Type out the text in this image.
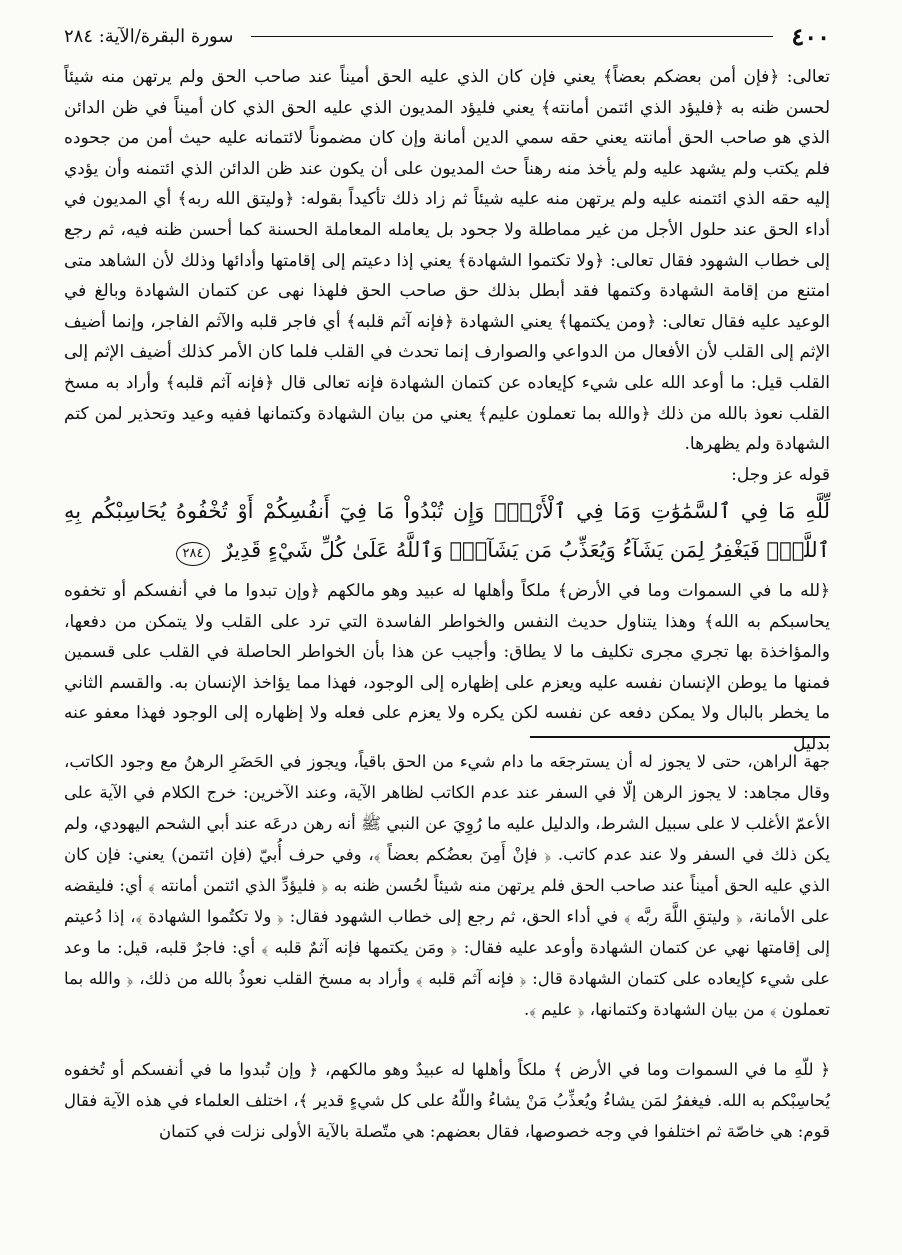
٤٠٠
سورة البقرة/الآية: ٢٨٤

تعالى: ﴿فإن أمن بعضكم بعضاً﴾ يعني فإن كان الذي عليه الحق أميناً عند صاحب الحق ولم يرتهن منه شيئاً لحسن ظنه به ﴿فليؤد الذي ائتمن أمانته﴾ يعني فليؤد المديون الذي عليه الحق الذي كان أميناً في ظن الدائن الذي هو صاحب الحق أمانته يعني حقه سمي الدين أمانة وإن كان مضموناً لائتمانه عليه حيث أمن من جحوده فلم يكتب ولم يشهد عليه ولم يأخذ منه رهناً حث المديون على أن يكون عند ظن الدائن الذي ائتمنه وأن يؤدي إليه حقه الذي ائتمنه عليه ولم يرتهن منه عليه شيئاً ثم زاد ذلك تأكيداً بقوله: ﴿وليتق الله ربه﴾ أي المديون في أداء الحق عند حلول الأجل من غير مماطلة ولا جحود بل يعامله المعاملة الحسنة كما أحسن ظنه فيه، ثم رجع إلى خطاب الشهود فقال تعالى: ﴿ولا تكتموا الشهادة﴾ يعني إذا دعيتم إلى إقامتها وأدائها وذلك لأن الشاهد متى امتنع من إقامة الشهادة وكتمها فقد أبطل بذلك حق صاحب الحق فلهذا نهى عن كتمان الشهادة وبالغ في الوعيد عليه فقال تعالى: ﴿ومن يكتمها﴾ يعني الشهادة ﴿فإنه آثم قلبه﴾ أي فاجر قلبه والآثم الفاجر، وإنما أضيف الإثم إلى القلب لأن الأفعال من الدواعي والصوارف إنما تحدث في القلب فلما كان الأمر كذلك أضيف الإثم إلى القلب قيل: ما أوعد الله على شيء كإيعاده عن كتمان الشهادة فإنه تعالى قال ﴿فإنه آثم قلبه﴾ وأراد به مسخ القلب نعوذ بالله من ذلك ﴿والله بما تعملون عليم﴾ يعني من بيان الشهادة وكتمانها ففيه وعيد وتحذير لمن كتم الشهادة ولم يظهرها.

قوله عز وجل:
لِّلَّهِ مَا فِي ٱلسَّمَٰوَٰتِ وَمَا فِي ٱلْأَرْضِۗ وَإِن تُبْدُواْ مَا فِيٓ أَنفُسِكُمْ أَوْ تُخْفُوهُ يُحَاسِبْكُم بِهِ ٱللَّهُۖ فَيَغْفِرُ لِمَن يَشَآءُ وَيُعَذِّبُ مَن يَشَآءُۗ وَٱللَّهُ عَلَىٰ كُلِّ شَيْءٍ قَدِيرٌ ٢٨٤
﴿لله ما في السموات وما في الأرض﴾ ملكاً وأهلها له عبيد وهو مالكهم ﴿وإن تبدوا ما في أنفسكم أو تخفوه يحاسبكم به الله﴾ وهذا يتناول حديث النفس والخواطر الفاسدة التي ترد على القلب ولا يتمكن من دفعها، والمؤاخذة بها تجري مجرى تكليف ما لا يطاق: وأجيب عن هذا بأن الخواطر الحاصلة في القلب على قسمين فمنها ما يوطن الإنسان نفسه عليه ويعزم على إظهاره إلى الوجود، فهذا مما يؤاخذ الإنسان به. والقسم الثاني ما يخطر بالبال ولا يمكن دفعه عن نفسه لكن يكره ولا يعزم على فعله ولا إظهاره إلى الوجود فهذا معفو عنه بدليل
جهة الراهن، حتى لا يجوز له أن يسترجعَه ما دام شيء من الحق باقياً، ويجوز في الحَضَرِ الرهنُ مع وجود الكاتب، وقال مجاهد: لا يجوز الرهن إلّا في السفر عند عدم الكاتب لظاهر الآية، وعند الآخرين: خرج الكلام في الآية على الأعمّ الأغلب لا على سبيل الشرط، والدليل عليه ما رُوِيَ عن النبي ﷺ أنه رهن درعَه عند أبي الشحم اليهودي، ولم يكن ذلك في السفر ولا عند عدم كاتب. ﴿ فإنْ أَمِنَ بعضُكم بعضاً ﴾، وفي حرف أُبيّ (فإن ائتمن) يعني: فإن كان الذي عليه الحق أميناً عند صاحب الحق فلم يرتهن منه شيئاً لحُسن ظنه به ﴿ فليؤدِّ الذي ائتمن أمانته ﴾ أي: فليقضه على الأمانة، ﴿ وليتقِ اللَّهَ ربَّه ﴾ في أداء الحق، ثم رجع إلى خطاب الشهود فقال: ﴿ ولا تكتُموا الشهادة ﴾، إذا دُعيتم إلى إقامتها نهي عن كتمان الشهادة وأوعد عليه فقال: ﴿ ومَن يكتمها فإنه آثمٌ قلبه ﴾ أي: فاجرٌ قلبه، قيل: ما وعد على شيء كإيعاده على كتمان الشهادة قال: ﴿ فإنه آثم قلبه ﴾ وأراد به مسخ القلب نعوذُ بالله من ذلك، ﴿ والله بما تعملون ﴾ من بيان الشهادة وكتمانها، ﴿ عليم ﴾.
﴿ للّهِ ما في السموات وما في الأرض ﴾ ملكاً وأهلها له عبيدٌ وهو مالكهم، ﴿ وإن تُبدوا ما في أنفسكم أو تُخفوه يُحاسِبْكم به الله. فيغفرُ لمَن يشاءُ ويُعذِّبُ مَنْ يشاءُ واللّهُ على كل شيءٍ قدير ﴾، اختلف العلماء في هذه الآية فقال قوم: هي خاصّة ثم اختلفوا في وجه خصوصها، فقال بعضهم: هي متّصلة بالآية الأولى نزلت في كتمان
